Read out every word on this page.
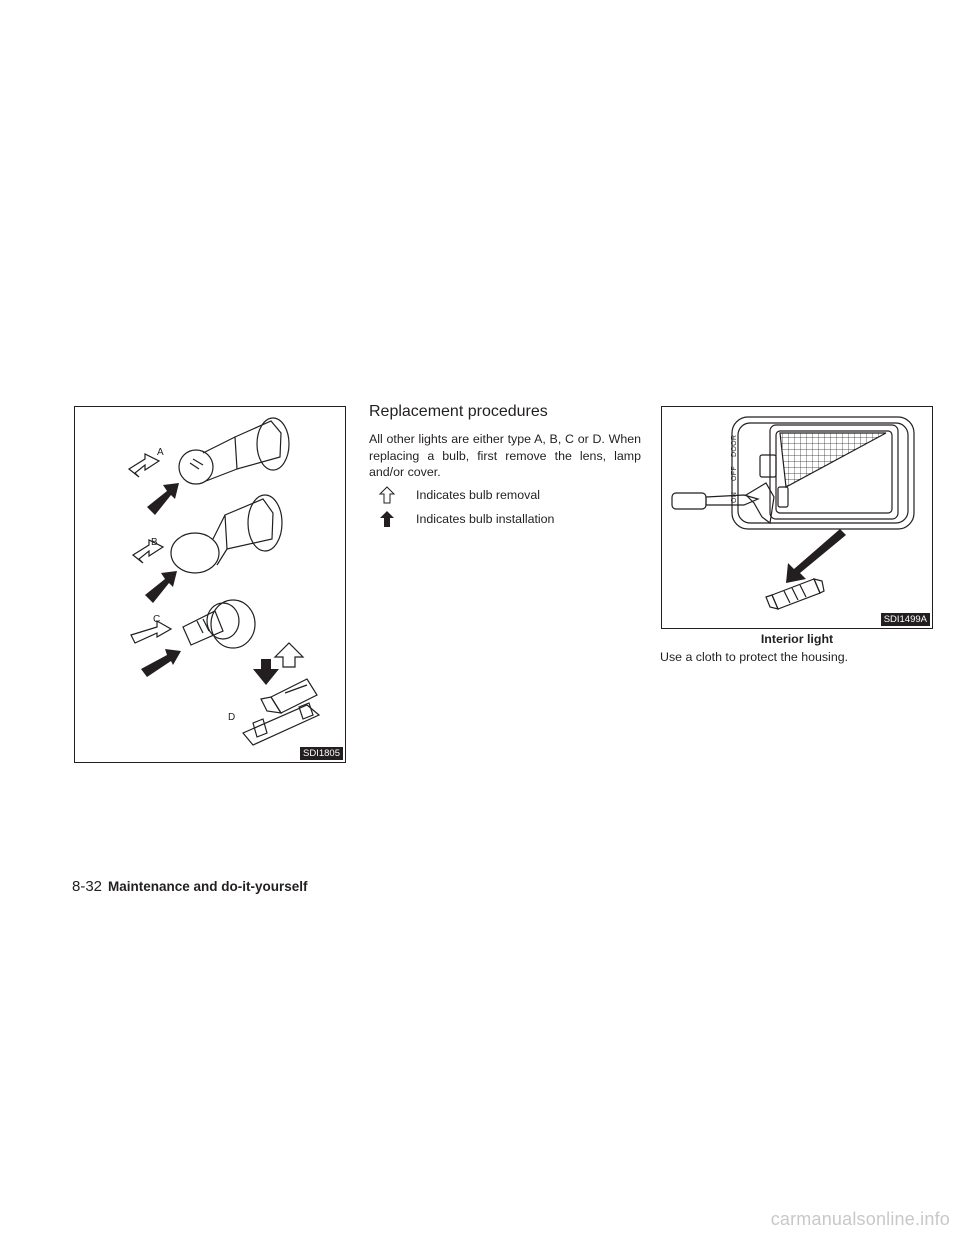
A
B
C
D
SDI1805
Replacement procedures
All other lights are either type A, B, C or D. When replacing a bulb, first remove the lens, lamp and/or cover.
Indicates bulb removal
Indicates bulb installation
ON
OFF
DOOR
SDI1499A
Interior light
Use a cloth to protect the housing.
8-32 Maintenance and do-it-yourself
carmanualsonline.info
